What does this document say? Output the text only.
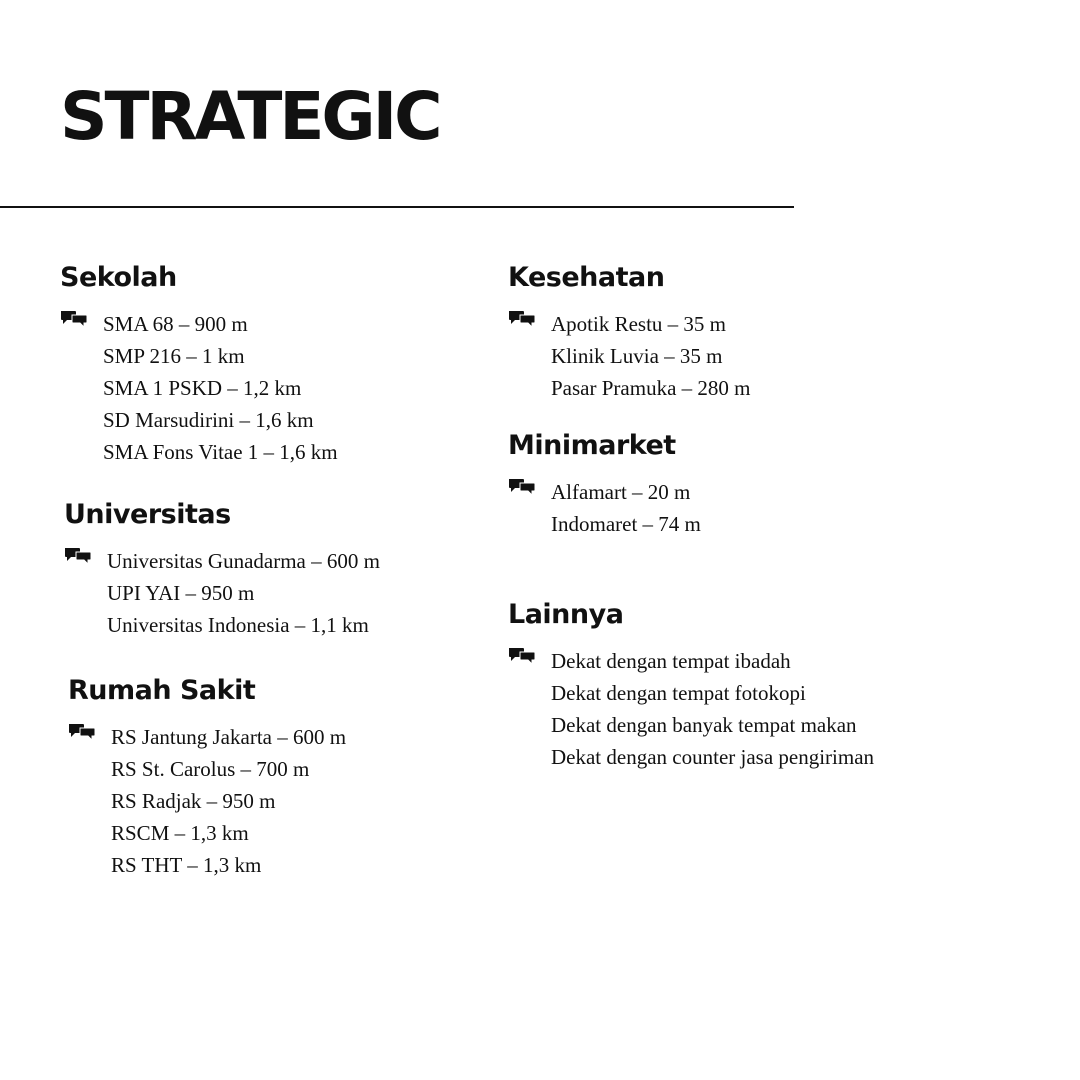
STRATEGIC
Sekolah
SMA 68 – 900 m
SMP 216 – 1 km
SMA 1 PSKD – 1,2 km
SD Marsudirini – 1,6 km
SMA Fons Vitae 1 – 1,6 km
Universitas
Universitas Gunadarma – 600 m
UPI YAI – 950 m
Universitas Indonesia – 1,1 km
Rumah Sakit
RS Jantung Jakarta – 600 m
RS St. Carolus – 700 m
RS Radjak – 950 m
RSCM – 1,3 km
RS THT – 1,3 km
Kesehatan
Apotik Restu – 35 m
Klinik Luvia – 35 m
Pasar Pramuka – 280 m
Minimarket
Alfamart – 20 m
Indomaret – 74 m
Lainnya
Dekat dengan tempat ibadah
Dekat dengan tempat fotokopi
Dekat dengan banyak tempat makan
Dekat dengan counter jasa pengiriman
